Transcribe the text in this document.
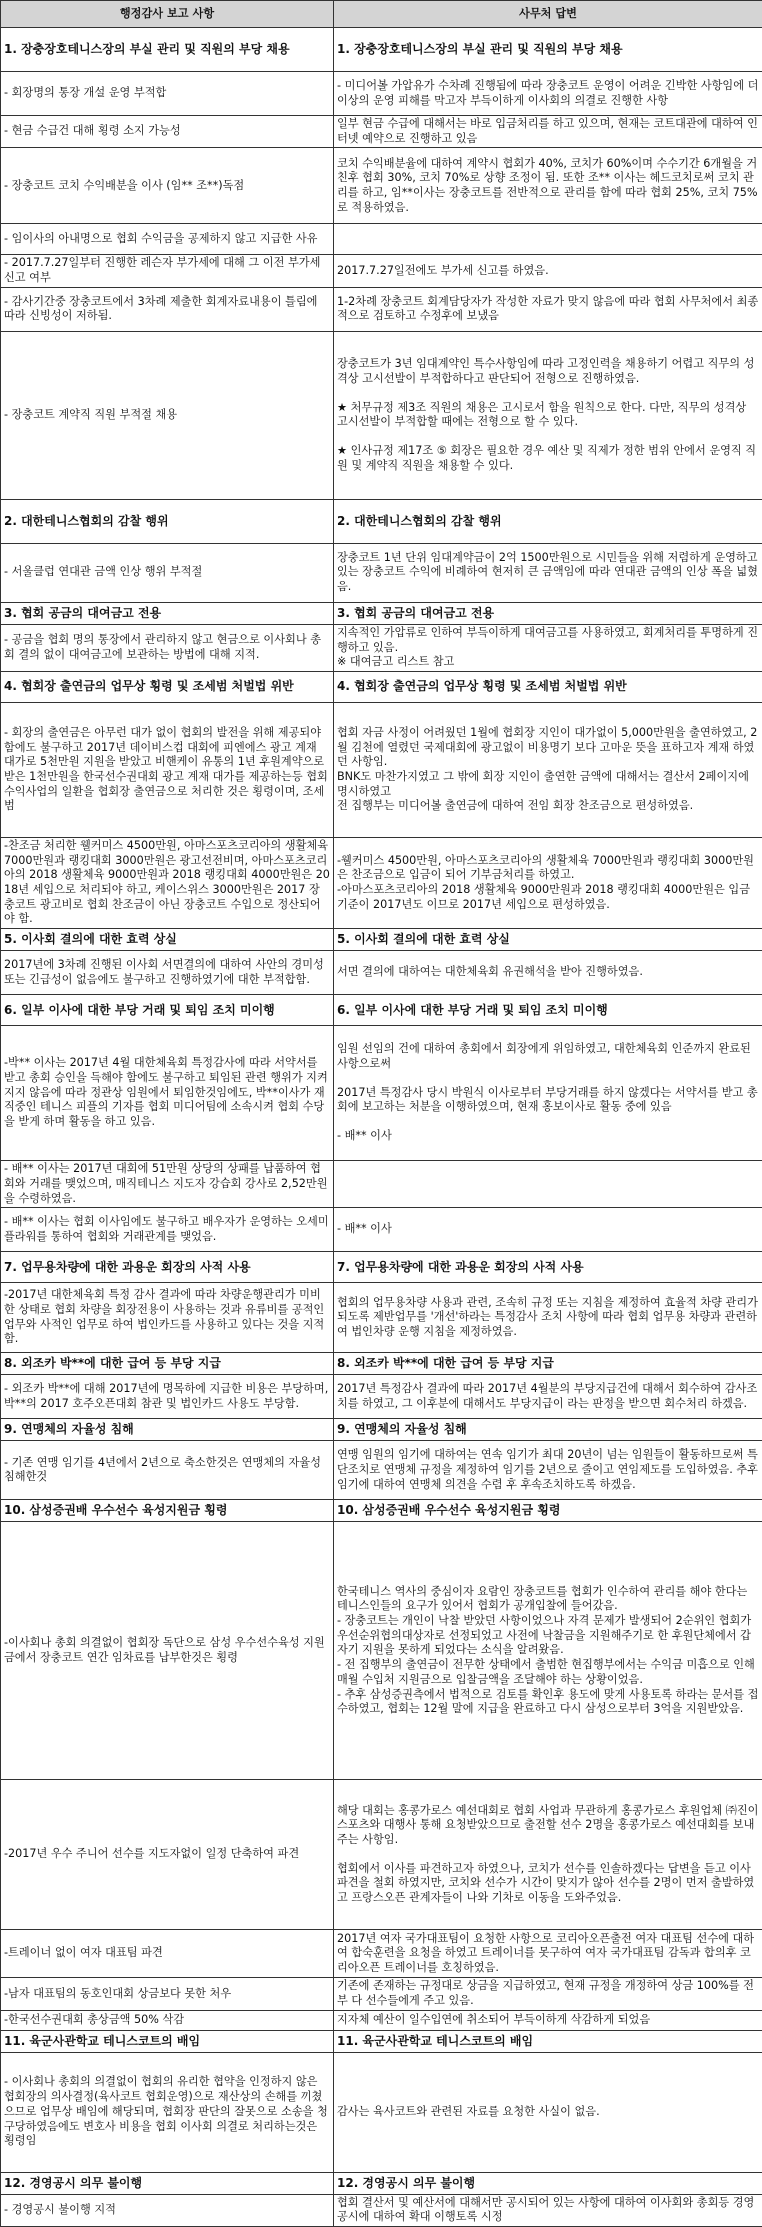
행정감사 보고 사항	사무처 답변

1. 장충장호테니스장의 부실 관리 및 직원의 부당 채용	1. 장충장호테니스장의 부실 관리 및 직원의 부당 채용

- 회장명의 통장 개설 운영 부적합	- 미디어볼 가압유가 수차례 진행됨에 따라 장충코트 운영이 어려운 긴박한 사항임에 더 이상의 운영 피해를 막고자 부득이하게 이사회의 의결로 진행한 사항

- 현금 수급건 대해 횡령 소지 가능성	일부 현금 수급에 대해서는 바로 입금처리를 하고 있으며, 현재는 코트대관에 대하여 인터넷 예약으로 진행하고 있음

- 장충코트 코치 수익배분을 이사 (임** 조**)독점	코치 수익배분율에 대하여 계약시 협회가 40%, 코치가 60%이며 수수기간 6개월을 거친후 협회 30%, 코치 70%로 상향 조정이 됨. 또한 조** 이사는 헤드코치로써 코치 관리를 하고, 임**이사는 장충코트를 전반적으로 관리를 함에 따라 협회 25%, 코치 75%로 적용하였음.

- 임이사의 아내명으로 협회 수익금을 공제하지 않고 지급한 사유	

- 2017.7.27일부터 진행한 레슨자 부가세에 대해 그 이전 부가세 신고 여부	2017.7.27일전에도 부가세 신고를 하였음.

- 감사기간중 장충코트에서 3차례 제출한 회계자료내용이 틀림에 따라 신빙성이 저하됨.	1-2차례 장충코트 회계담당자가 작성한 자료가 맞지 않음에 따라 협회 사무처에서 최종적으로 검토하고 수정후에 보냈음

- 장충코트 계약직 직원 부적절 채용	장충코트가 3년 임대계약인 특수사항임에 따라 고정인력을 채용하기 어렵고 직무의 성격상 고시선발이 부적합하다고 판단되어 전형으로 진행하였음.
★ 처무규정 제3조 직원의 채용은 고시로서 함을 원칙으로 한다. 다만, 직무의 성격상 고시선발이 부적합할 때에는 전형으로 할 수 있다.
★ 인사규정 제17조 ⑤ 회장은 필요한 경우 예산 및 직제가 정한 범위 안에서 운영직 직원 및 계약직 직원을 채용할 수 있다.

2. 대한테니스협회의 감찰 행위	2. 대한테니스협회의 감찰 행위

- 서울클럽 연대관 금액 인상 행위 부적절	장충코트 1년 단위 임대계약금이 2억 1500만원으로 시민들을 위해 저렴하게 운영하고 있는 장충코트 수익에 비례하여 현저히 큰 금액임에 따라 연대관 금액의 인상 폭을 넓혔음.

3. 협회 공금의 대여금고 전용	3. 협회 공금의 대여금고 전용

- 공금을 협회 명의 통장에서 관리하지 않고 현금으로 이사회나 총회 결의 없이 대여금고에 보관하는 방법에 대해 지적.	지속적인 가압류로 인하여 부득이하게 대여금고를 사용하였고, 회계처리를 투명하게 진행하고 있음.
※ 대여금고 리스트 참고

4. 협회장 출연금의 업무상 횡령 및 조세범 처벌법 위반	4. 협회장 출연금의 업무상 횡령 및 조세범 처벌법 위반

- 회장의 출연금은 아무런 대가 없이 협회의 발전을 위해 제공되야 함에도 불구하고 2017년 데이비스컵 대회에 피엔에스 광고 계재 대가로 5천만원 지원을 받았고 비핸케이 유통의 1년 후원계약으로 받은 1천만원을 한국선수권대회 광고 계재 대가를 제공하는등 협회 수익사업의 일환을 협회장 출연금으로 처리한 것은 횡령이며, 조세범	협회 자금 사정이 어려웠던 1월에 협회장 지인이 대가없이 5,000만원을 출연하였고, 2월 김천에 열렸던 국제대회에 광고없이 비용명기 보다 고마운 뜻을 표하고자 계재 하였던 사항임.
BNK도 마찬가지였고 그 밖에 회장 지인이 출연한 금액에 대해서는 결산서 2페이지에 명시하였고
전 집행부는 미디어볼 출연금에 대하여 전임 회장 찬조금으로 편성하였음.

-찬조금 처리한 웰커미스 4500만원, 아마스포츠코리아의 생활체육 7000만원과 랭킹대회 3000만원은 광고선전비며, 아마스포츠코리아의 2018 생활체육 9000만원과 2018 랭킹대회 4000만원은 2018년 세입으로 처리되야 하고, 케이스위스 3000만원은 2017 장충코트 광고비로 협회 찬조금이 아닌 장충코트 수입으로 정산되어야 함.	-웰커미스 4500만원, 아마스포츠코리아의 생활체육 7000만원과 랭킹대회 3000만원은 찬조금으로 입금이 되어 기부금처리를 하였고.
-아마스포츠코리아의 2018 생활체육 9000만원과 2018 랭킹대회 4000만원은 입금 기준이 2017년도 이므로 2017년 세입으로 편성하였음.

5. 이사회 결의에 대한 효력 상실	5. 이사회 결의에 대한 효력 상실

2017년에 3차례 진행된 이사회 서면결의에 대하여 사안의 경미성 또는 긴급성이 없음에도 불구하고 진행하였기에 대한 부적합함.	서면 결의에 대하여는 대한체육회 유권해석을 받아 진행하였음.

6. 일부 이사에 대한 부당 거래 및 퇴임 조치 미이행	6. 일부 이사에 대한 부당 거래 및 퇴임 조치 미이행

-박** 이사는 2017년 4월 대한체육회 특정감사에 따라 서약서를 받고 총회 승인을 득해야 함에도 불구하고 퇴임된 관련 행위가 지켜지지 않음에 따라 정관상 임원에서 퇴임한것임에도, 박**이사가 재직중인 테니스 피플의 기자를 협회 미디어팀에 소속시켜 협회 수당을 받게 하며 활동을 하고 있음.	임원 선임의 건에 대하여 총회에서 회장에게 위임하였고, 대한체육회 인준까지 완료된 사항으로써
2017년 특정감사 당시 박원식 이사로부터 부당거래를 하지 않겠다는 서약서를 받고 총회에 보고하는 처분을 이행하였으며, 현재 홍보이사로 활동 중에 있음
- 배** 이사

- 배** 이사는 2017년 대회에 51만원 상당의 상패를 납품하여 협회와 거래를 맺었으며, 매직테니스 지도자 강습회 강사로 2,52만원을 수령하였음.	

- 배** 이사는 협회 이사임에도 불구하고 배우자가 운영하는 오세미 플라워를 통하여 협회와 거래관계를 맺었음.	- 배** 이사

7. 업무용차량에 대한 과용운 회장의 사적 사용	7. 업무용차량에 대한 과용운 회장의 사적 사용

-2017년 대한체육회 특정 감사 결과에 따라 차량운행관리가 미비한 상태로 협회 차량을 회장전용이 사용하는 것과 유류비를 공적인 업무와 사적인 업무로 하여 법인카드를 사용하고 있다는 것을 지적함.	협회의 업무용차량 사용과 관련, 조속히 규정 또는 지침을 제정하여 효율적 차량 관리가 되도록 제반업무를 '개선'하라는 특정감사 조치 사항에 따라 협회 업무용 차량과 관련하여 법인차량 운행 지침을 제정하였음.

8. 외조카 박**에 대한 급여 등 부당 지급	8. 외조카 박**에 대한 급여 등 부당 지급

- 외조카 박**에 대해 2017년에 명목하에 지급한 비용은 부당하며, 박**의 2017 호주오픈대회 참관 및 법인카드 사용도 부당함.	2017년 특정감사 결과에 따라 2017년 4월분의 부당지급건에 대해서 회수하여 감사조치를 하였고, 그 이후분에 대해서도 부당지급이 라는 판정을 받으면 회수처리 하겠음.

9. 연맹체의 자율성 침해	9. 연맹체의 자율성 침해

- 기존 연맹 임기를 4년에서 2년으로 축소한것은 연맹체의 자율성 침해한것	연맹 임원의 임기에 대하여는 연속 임기가 최대 20년이 넘는 임원들이 활동하므로써 특단조치로 연맹체 규정을 제정하여 임기를 2년으로 줄이고 연임제도를 도입하였음. 추후 임기에 대하여 연맹체 의견을 수렴 후 후속조치하도록 하겠음.

10. 삼성증권배 우수선수 육성지원금 횡령	10. 삼성증권배 우수선수 육성지원금 횡령

-이사회나 총회 의결없이 협회장 독단으로 삼성 우수선수육성 지원금에서 장충코트 연간 임차료를 납부한것은 횡령	한국테니스 역사의 중심이자 요람인 장충코트를 협회가 인수하여 관리를 해야 한다는 테니스인들의 요구가 있어서 협회가 공개입찰에 들어갔음.
- 장충코트는 개인이 낙찰 받았던 사항이었으나 자격 문제가 발생되어 2순위인 협회가 우선순위협의대상자로 선정되었고 사전에 낙찰금을 지원해주기로 한 후원단체에서 갑자기 지원을 못하게 되었다는 소식을 알려왔음.
- 전 집행부의 출연금이 전무한 상태에서 출범한 현집행부에서는 수익금 미흡으로 인해 매월 수입처 지원금으로 입찰금액을 조달해야 하는 상황이었음.
- 추후 삼성증권측에서 법적으로 검토를 확인후 용도에 맞게 사용토록 하라는 문서를 접수하였고, 협회는 12월 말에 지급을 완료하고 다시 삼성으로부터 3억을 지원받았음.

-2017년 우수 주니어 선수를 지도자없이 일정 단축하여 파견	해당 대회는 홍콩가로스 예선대회로 협회 사업과 무관하게 홍콩가로스 후원업체 ㈜진이 스포츠와 대행사 통해 요청받았으므로 출전할 선수 2명을 홍콩가로스 예선대회를 보내주는 사항임.
협회에서 이사를 파견하고자 하였으나, 코치가 선수를 인솔하겠다는 답변을 듣고 이사 파견을 철회 하였지만, 코치와 선수가 시간이 맞지가 않아 선수를 2명이 먼저 출발하였고 프랑스오픈 관계자들이 나와 기차로 이동을 도와주었음.

-트레이너 없이 여자 대표팀 파견	2017년 여자 국가대표팀이 요청한 사항으로 코리아오픈출전 여자 대표팀 선수에 대하여 합숙훈련을 요청을 하였고 트레이너를 못구하여 여자 국가대표팀 감독과 합의후 코리아오픈 트레이너를 호칭하였음.

-남자 대표팀의 동호인대회 상금보다 못한 처우	기존에 존재하는 규정대로 상금을 지급하였고, 현재 규정을 개정하여 상금 100%를 전부 다 선수들에게 주고 있음.

-한국선수권대회 총상금액 50% 삭감	지자체 예산이 일수입연에 취소되어 부득이하게 삭감하게 되었음

11. 육군사관학교 테니스코트의 배임	11. 육군사관학교 테니스코트의 배임

- 이사회나 총회의 의결없이 협회의 유리한 협약을 인정하지 않은 협회장의 의사결정(육사코트 협회운영)으로 재산상의 손해를 끼쳤으므로 업무상 배임에 해당되며, 협회장 판단의 잘못으로 소송을 청구당하였음에도 변호사 비용을 협회 이사회 의결로 처리하는것은 횡령임	감사는 육사코트와 관련된 자료를 요청한 사실이 없음.

12. 경영공시 의무 불이행	12. 경영공시 의무 불이행

- 경영공시 불이행 지적	협회 결산서 및 예산서에 대해서만 공시되어 있는 사항에 대하여 이사회와 총회등 경영공시에 대하여 확대 이행토록 시정
